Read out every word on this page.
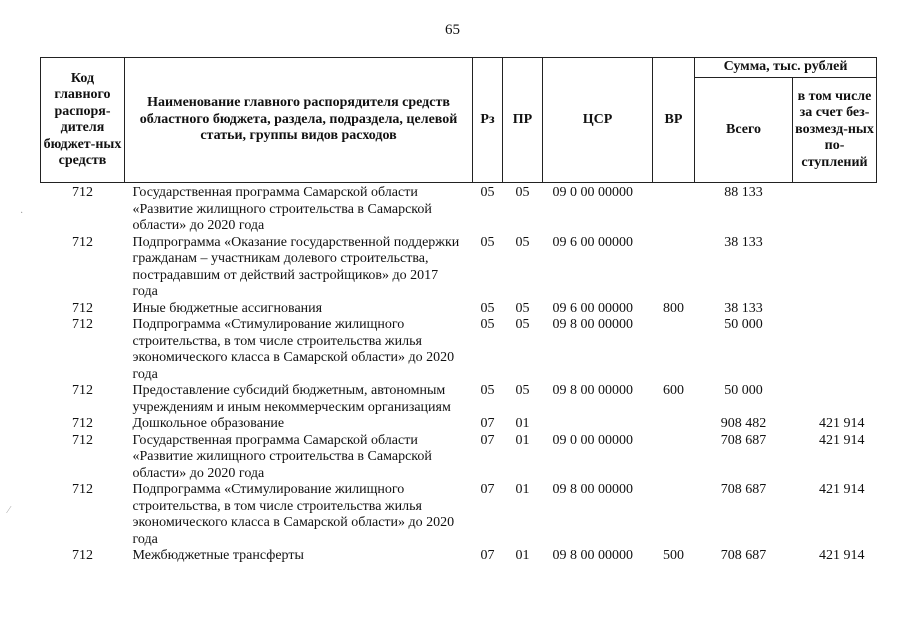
65
Код главного распоря-дителя бюджет-ных средств	Наименование главного распорядителя средств областного бюджета, раздела, подраздела, целевой статьи, группы видов расходов	Рз	ПР	ЦСР	ВР	Сумма, тыс. рублей	
						Всего	в том числе за счет без-возмезд-ных по-ступлений
712	Государственная программа Самарской области «Развитие жилищного строительства в Самарской области» до 2020 года	05	05	09 0 00 00000		88 133	
712	Подпрограмма «Оказание государственной поддержки гражданам – участникам долевого строительства, пострадавшим от действий застройщиков» до 2017 года	05	05	09 6 00 00000		38 133	
712	Иные бюджетные ассигнования	05	05	09 6 00 00000	800	38 133	
712	Подпрограмма «Стимулирование жилищного строительства, в том числе строительства жилья экономического класса в Самарской области» до 2020 года	05	05	09 8 00 00000		50 000	
712	Предоставление субсидий бюджетным, автономным учреждениям и иным некоммерческим организациям	05	05	09 8 00 00000	600	50 000	
712	Дошкольное образование	07	01			908 482	421 914
712	Государственная программа Самарской области «Развитие жилищного строительства в Самарской области» до 2020 года	07	01	09 0 00 00000		708 687	421 914
712	Подпрограмма «Стимулирование жилищного строительства, в том числе строительства жилья экономического класса в Самарской области» до 2020 года	07	01	09 8 00 00000		708 687	421 914
712	Межбюджетные трансферты	07	01	09 8 00 00000	500	708 687	421 914
·
⁄
